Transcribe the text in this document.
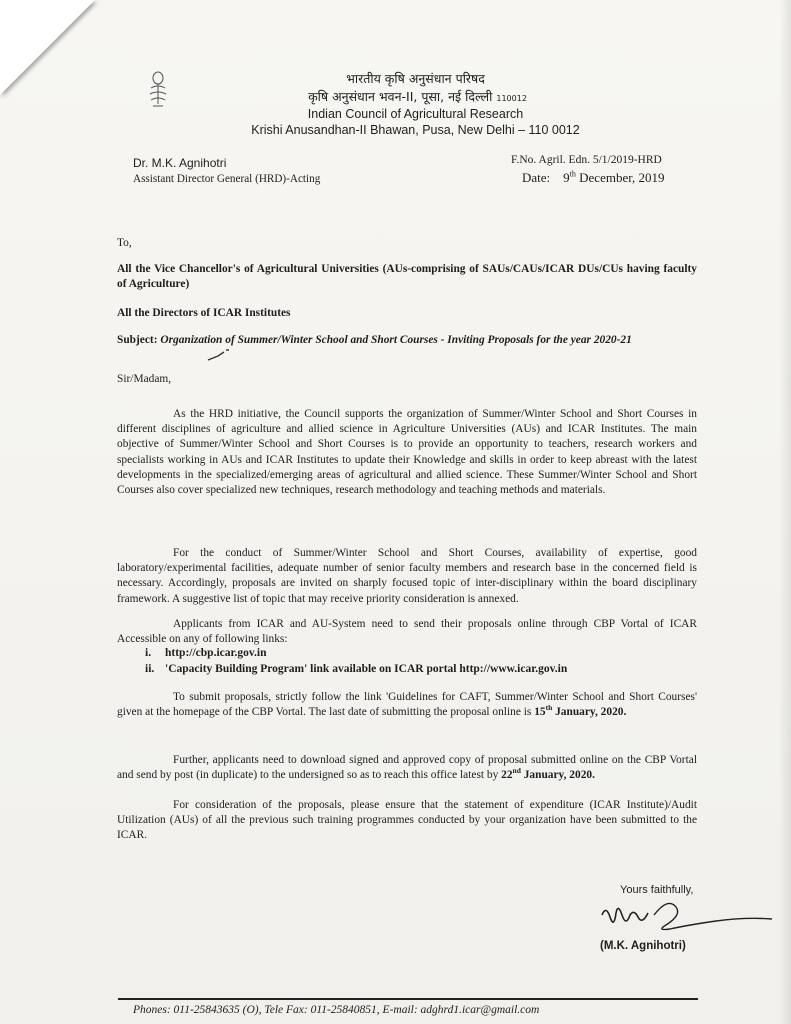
भारतीय कृषि अनुसंधान परिषद
कृषि अनुसंधान भवन-II, पूसा, नई दिल्ली 110012
Indian Council of Agricultural Research
Krishi Anusandhan-II Bhawan, Pusa, New Delhi – 110 0012
Dr. M.K. Agnihotri
Assistant Director General (HRD)-Acting
F.No. Agril. Edn. 5/1/2019-HRD
Date: 9th December, 2019
To,
All the Vice Chancellor's of Agricultural Universities (AUs-comprising of SAUs/CAUs/ICAR DUs/CUs having faculty of Agriculture)
All the Directors of ICAR Institutes
Subject: Organization of Summer/Winter School and Short Courses - Inviting Proposals for the year 2020-21
Sir/Madam,
As the HRD initiative, the Council supports the organization of Summer/Winter School and Short Courses in different disciplines of agriculture and allied science in Agriculture Universities (AUs) and ICAR Institutes. The main objective of Summer/Winter School and Short Courses is to provide an opportunity to teachers, research workers and specialists working in AUs and ICAR Institutes to update their Knowledge and skills in order to keep abreast with the latest developments in the specialized/emerging areas of agricultural and allied science. These Summer/Winter School and Short Courses also cover specialized new techniques, research methodology and teaching methods and materials.
For the conduct of Summer/Winter School and Short Courses, availability of expertise, good laboratory/experimental facilities, adequate number of senior faculty members and research base in the concerned field is necessary. Accordingly, proposals are invited on sharply focused topic of inter-disciplinary within the board disciplinary framework. A suggestive list of topic that may receive priority consideration is annexed.
Applicants from ICAR and AU-System need to send their proposals online through CBP Vortal of ICAR Accessible on any of following links:
i. http://cbp.icar.gov.in
ii. 'Capacity Building Program' link available on ICAR portal http://www.icar.gov.in
To submit proposals, strictly follow the link 'Guidelines for CAFT, Summer/Winter School and Short Courses' given at the homepage of the CBP Vortal. The last date of submitting the proposal online is 15th January, 2020.
Further, applicants need to download signed and approved copy of proposal submitted online on the CBP Vortal and send by post (in duplicate) to the undersigned so as to reach this office latest by 22nd January, 2020.
For consideration of the proposals, please ensure that the statement of expenditure (ICAR Institute)/Audit Utilization (AUs) of all the previous such training programmes conducted by your organization have been submitted to the ICAR.
Yours faithfully,
(M.K. Agnihotri)
Phones: 011-25843635 (O), Tele Fax: 011-25840851, E-mail: adghrd1.icar@gmail.com
